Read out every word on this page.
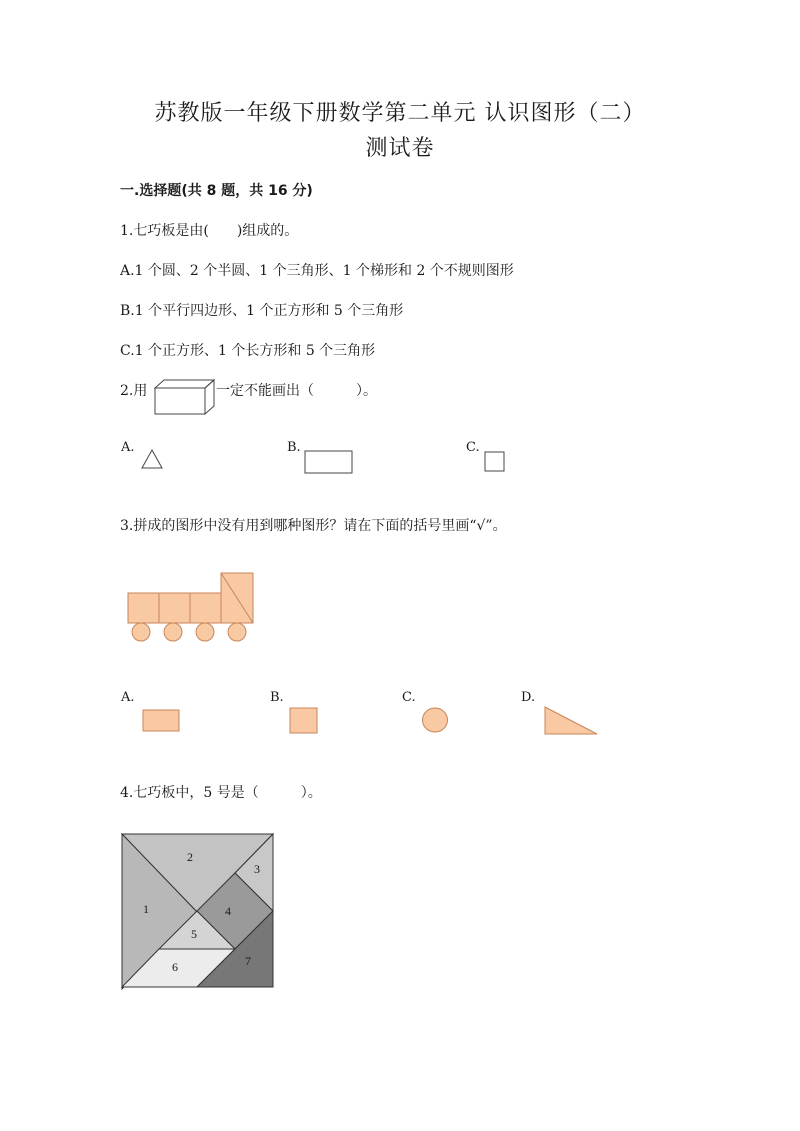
苏教版一年级下册数学第二单元 认识图形（二）
测试卷
一.选择题(共 8 题，共 16 分)
1.七巧板是由(　　)组成的。
A.1 个圆、2 个半圆、1 个三角形、1 个梯形和 2 个不规则图形
B.1 个平行四边形、1 个正方形和 5 个三角形
C.1 个正方形、1 个长方形和 5 个三角形
2.用	一定不能画出（　　　）。
A.	B.	C.
3.拼成的图形中没有用到哪种图形？请在下面的括号里画“√”。
A.	B.	C.	D.
4.七巧板中，5 号是（　　　）。
1
2
3
4
5
6	7
